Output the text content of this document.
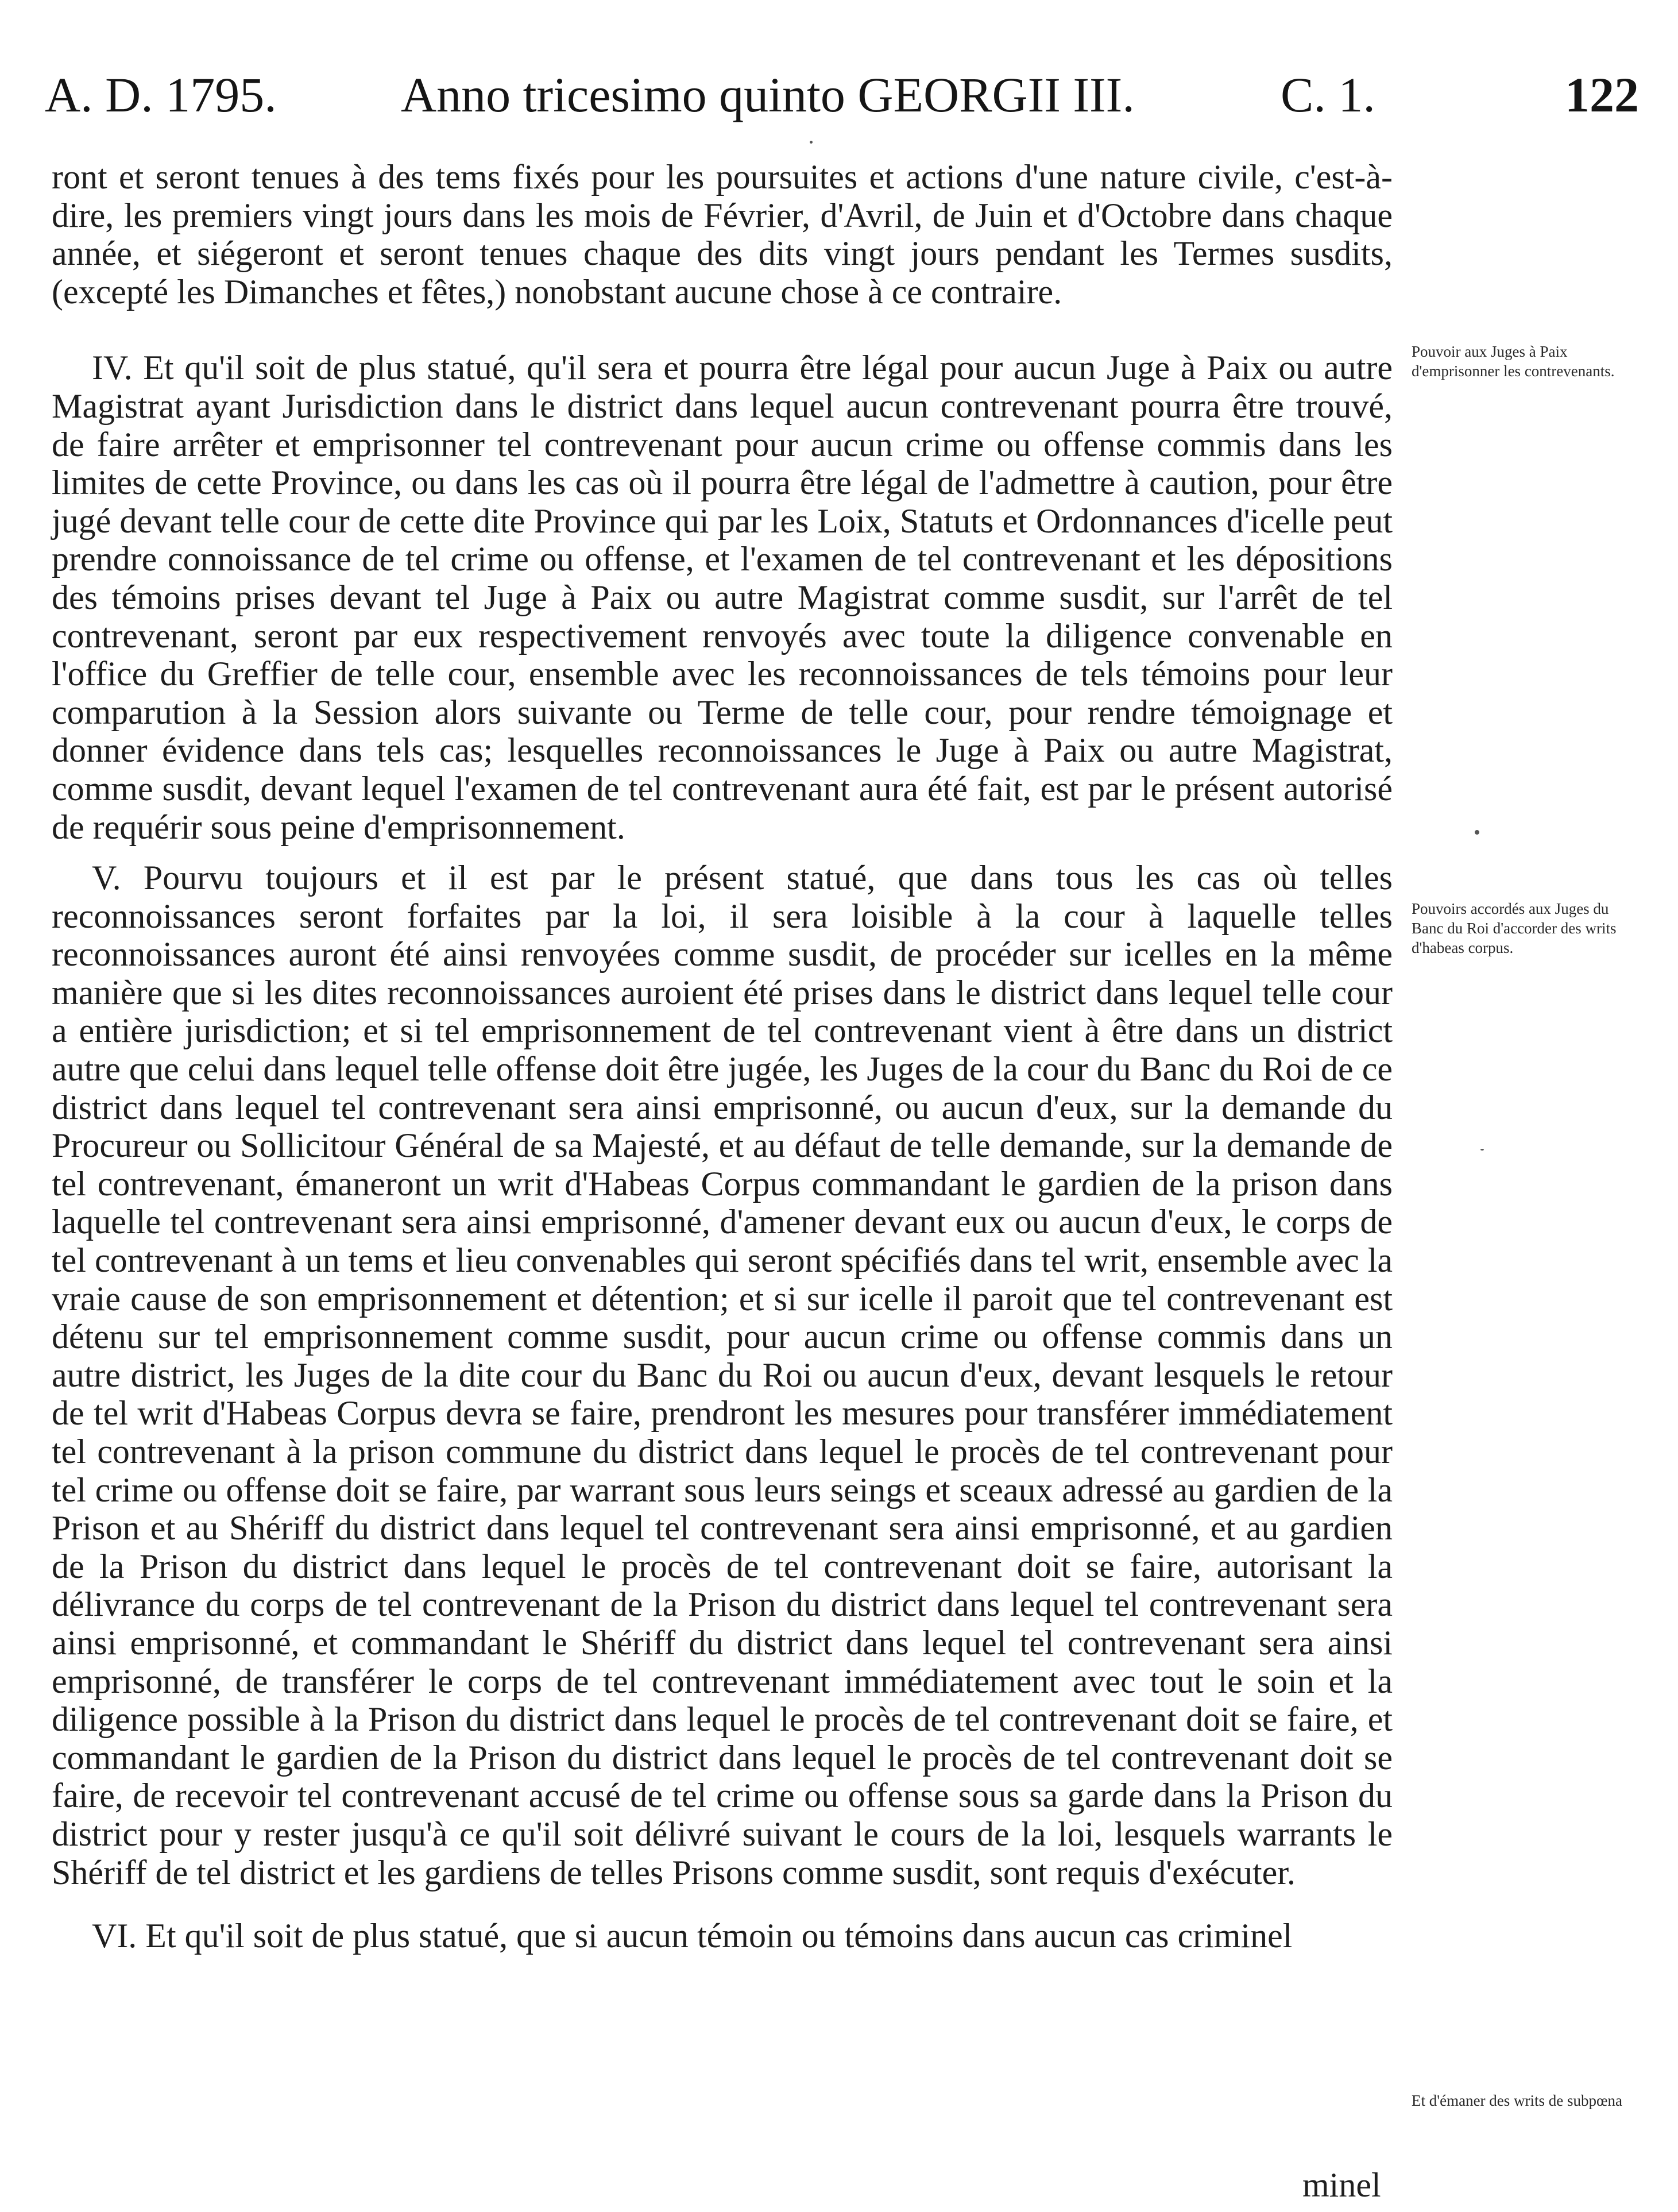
A. D. 1795.	Anno tricesimo quinto GEORGII III.	C. 1.	122

ront et seront tenues à des tems fixés pour les poursuites et actions d'une nature civile, c'est-à-dire, les premiers vingt jours dans les mois de Février, d'Avril, de Juin et d'Octobre dans chaque année, et siégeront et seront tenues chaque des dits vingt jours pendant les Termes susdits, (excepté les Dimanches et fêtes,) nonobstant aucune chose à ce contraire.

IV. Et qu'il soit de plus statué, qu'il sera et pourra être légal pour aucun Juge à Paix ou autre Magistrat ayant Jurisdiction dans le district dans lequel aucun contrevenant pourra être trouvé, de faire arrêter et emprisonner tel contrevenant pour aucun crime ou offense commis dans les limites de cette Province, ou dans les cas où il pourra être légal de l'admettre à caution, pour être jugé devant telle cour de cette dite Province qui par les Loix, Statuts et Ordonnances d'icelle peut prendre connoissance de tel crime ou offense, et l'examen de tel contrevenant et les dépositions des témoins prises devant tel Juge à Paix ou autre Magistrat comme susdit, sur l'arrêt de tel contrevenant, seront par eux respectivement renvoyés avec toute la diligence convenable en l'office du Greffier de telle cour, ensemble avec les reconnoissances de tels témoins pour leur comparution à la Session alors suivante ou Terme de telle cour, pour rendre témoignage et donner évidence dans tels cas; lesquelles reconnoissances le Juge à Paix ou autre Magistrat, comme susdit, devant lequel l'examen de tel contrevenant aura été fait, est par le présent autorisé de requérir sous peine d'emprisonnement.

V. Pourvu toujours et il est par le présent statué, que dans tous les cas où telles reconnoissances seront forfaites par la loi, il sera loisible à la cour à laquelle telles reconnoissances auront été ainsi renvoyées comme susdit, de procéder sur icelles en la même manière que si les dites reconnoissances auroient été prises dans le district dans lequel telle cour a entière jurisdiction; et si tel emprisonnement de tel contrevenant vient à être dans un district autre que celui dans lequel telle offense doit être jugée, les Juges de la cour du Banc du Roi de ce district dans lequel tel contrevenant sera ainsi emprisonné, ou aucun d'eux, sur la demande du Procureur ou Sollicitour Général de sa Majesté, et au défaut de telle demande, sur la demande de tel contrevenant, émaneront un writ d'Habeas Corpus commandant le gardien de la prison dans laquelle tel contrevenant sera ainsi emprisonné, d'amener devant eux ou aucun d'eux, le corps de tel contrevenant à un tems et lieu convenables qui seront spécifiés dans tel writ, ensemble avec la vraie cause de son emprisonnement et détention; et si sur icelle il paroit que tel contrevenant est détenu sur tel emprisonnement comme susdit, pour aucun crime ou offense commis dans un autre district, les Juges de la dite cour du Banc du Roi ou aucun d'eux, devant lesquels le retour de tel writ d'Habeas Corpus devra se faire, prendront les mesures pour transférer immédiatement tel contrevenant à la prison commune du district dans lequel le procès de tel contrevenant pour tel crime ou offense doit se faire, par warrant sous leurs seings et sceaux adressé au gardien de la Prison et au Shériff du district dans lequel tel contrevenant sera ainsi emprisonné, et au gardien de la Prison du district dans lequel le procès de tel contrevenant doit se faire, autorisant la délivrance du corps de tel contrevenant de la Prison du district dans lequel tel contrevenant sera ainsi emprisonné, et commandant le Shériff du district dans lequel tel contrevenant sera ainsi emprisonné, de transférer le corps de tel contrevenant immédiatement avec tout le soin et la diligence possible à la Prison du district dans lequel le procès de tel contrevenant doit se faire, et commandant le gardien de la Prison du district dans lequel le procès de tel contrevenant doit se faire, de recevoir tel contrevenant accusé de tel crime ou offense sous sa garde dans la Prison du district pour y rester jusqu'à ce qu'il soit délivré suivant le cours de la loi, lesquels warrants le Shériff de tel district et les gardiens de telles Prisons comme susdit, sont requis d'exécuter.

VI. Et qu'il soit de plus statué, que si aucun témoin ou témoins dans aucun cas criminel

Pouvoir aux Juges à Paix d'emprisonner les contrevenants.
Pouvoirs accordés aux Juges du Banc du Roi d'accorder des writs d'habeas corpus.
Et d'émaner des writs de subpœna
minel
